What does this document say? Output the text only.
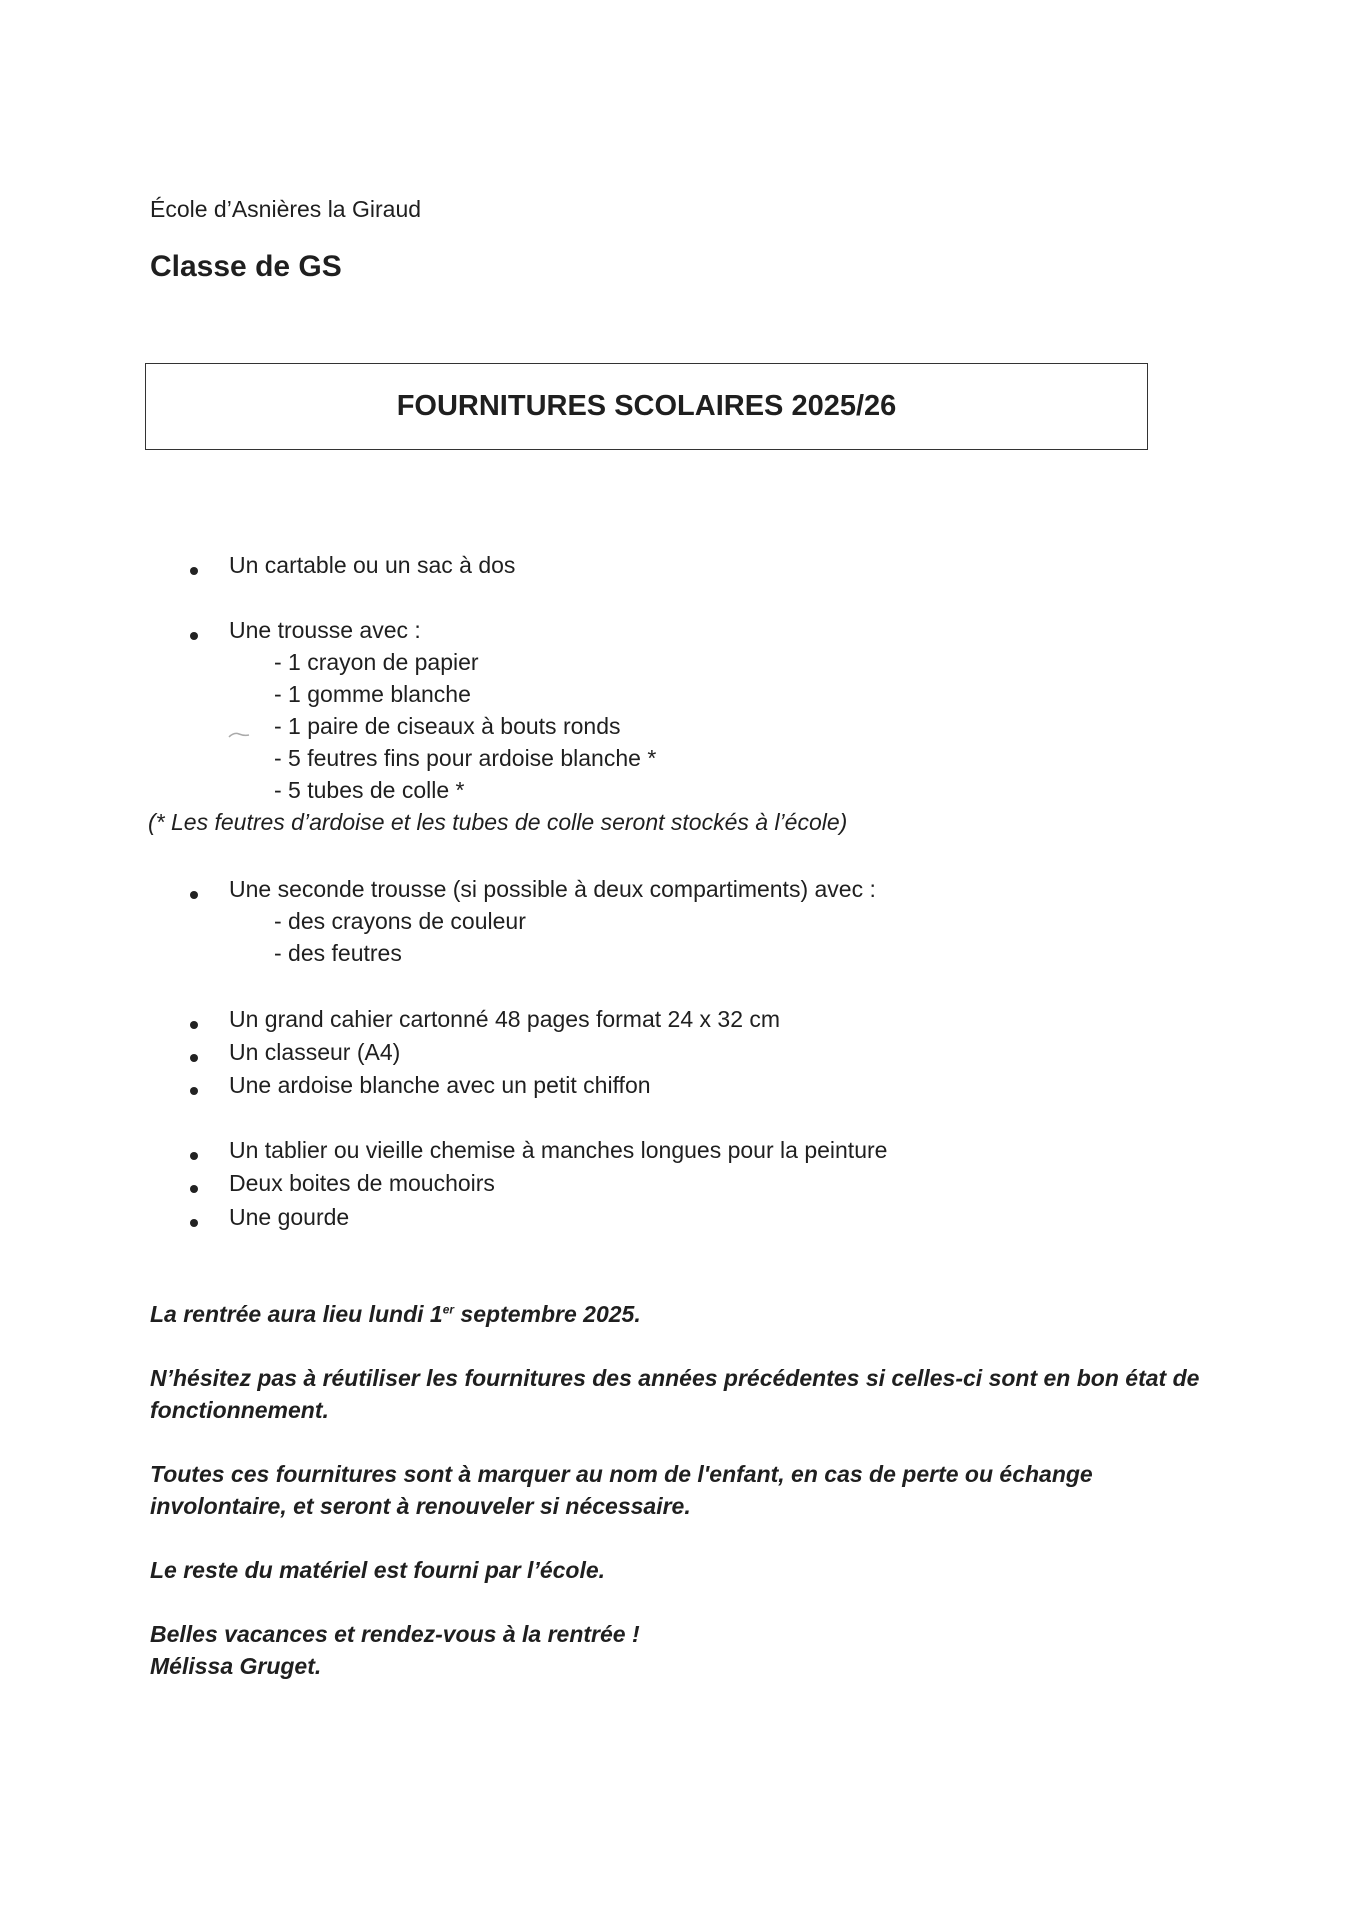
École d’Asnières la Giraud
Classe de GS
FOURNITURES SCOLAIRES 2025/26
Un cartable ou un sac à dos
Une trousse avec :
- 1 crayon de papier
- 1 gomme blanche
- 1 paire de ciseaux à bouts ronds
- 5 feutres fins pour ardoise blanche *
- 5 tubes de colle *
(* Les feutres d’ardoise et les tubes de colle seront stockés à l’école)
Une seconde trousse (si possible à deux compartiments) avec :
- des crayons de couleur
- des feutres
Un grand cahier cartonné 48 pages format 24 x 32 cm
Un classeur (A4)
Une ardoise blanche avec un petit chiffon
Un tablier ou vieille chemise à manches longues pour la peinture
Deux boites de mouchoirs
Une gourde
La rentrée aura lieu lundi 1er septembre 2025.
N’hésitez pas à réutiliser les fournitures des années précédentes si celles-ci sont en bon état de fonctionnement.
Toutes ces fournitures sont à marquer au nom de l'enfant, en cas de perte ou échange involontaire, et seront à renouveler si nécessaire.
Le reste du matériel est fourni par l’école.
Belles vacances et rendez-vous à la rentrée !
Mélissa Gruget.
